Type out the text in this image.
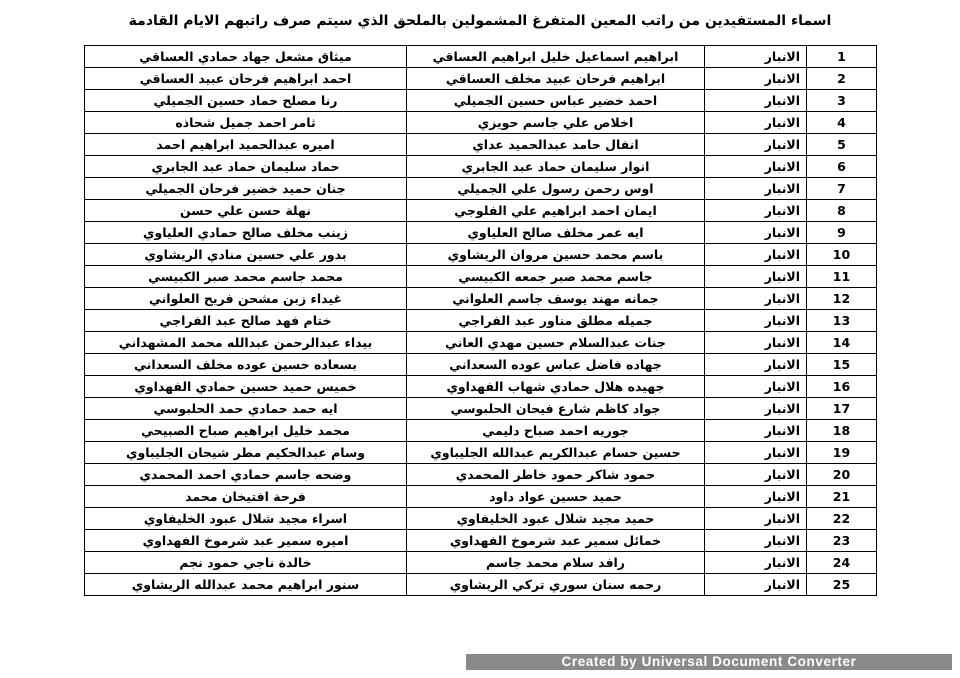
اسماء المستفيدين من راتب المعين المتفرغ المشمولين بالملحق الذي سيتم صرف راتبهم الايام القادمة
ميثاق مشعل جهاد حمادي العساقي	ابراهيم اسماعيل خليل ابراهيم العساقي	الانبار	1
احمد ابراهيم فرحان عبيد العساقي	ابراهيم فرحان عبيد مخلف العساقي	الانبار	2
رنا مصلح حماد حسين الجميلي	احمد خضير عباس حسين الجميلي	الانبار	3
ثامر احمد جميل شحاذه	اخلاص علي جاسم حويزي	الانبار	4
اميره عبدالحميد ابراهيم احمد	انفال حامد عبدالحميد عداي	الانبار	5
حماد سليمان حماد عبد الجابري	انوار سليمان حماد عبد الجابري	الانبار	6
جنان حميد خضير فرحان الجميلي	اوس رحمن رسول علي الجميلي	الانبار	7
نهلة حسن علي حسن	ايمان احمد ابراهيم علي الفلوجي	الانبار	8
زينب مخلف صالح حمادي العلياوي	ايه عمر مخلف صالح العلياوي	الانبار	9
بدور علي حسين منادي الريشاوي	باسم محمد حسين مروان الريشاوي	الانبار	10
محمد جاسم محمد صبر الكبيسي	جاسم محمد صبر جمعه الكبيسي	الانبار	11
غيداء زبن مشحن فريح العلواني	جمانه مهند يوسف جاسم العلواني	الانبار	12
ختام فهد صالح عبد الفراجي	جميله مطلق مناور عبد الفراجي	الانبار	13
بيداء عبدالرحمن عبدالله محمد المشهداني	جنات عبدالسلام حسين مهدي العاني	الانبار	14
بسعاده حسين عوده مخلف السعداني	جهاده فاضل عباس عوده السعداني	الانبار	15
خميس حميد حسين حمادي الفهداوي	جهيده هلال حمادي شهاب الفهداوي	الانبار	16
ايه حمد حمادي حمد الحلبوسي	جواد كاظم شارع فيحان الحلبوسي	الانبار	17
محمد خليل ابراهيم صباح الصبيحي	جوريه احمد صباح دليمي	الانبار	18
وسام عبدالحكيم مطر شيحان الجليباوي	حسين حسام عبدالكريم عبدالله الجليباوي	الانبار	19
وضحه جاسم حمادي احمد المحمدي	حمود شاكر حمود خاطر المحمدي	الانبار	20
فرحة افتيخان محمد	حميد حسين عواد داود	الانبار	21
اسراء مجيد شلال عبود الخليفاوي	حميد مجيد شلال عبود الخليفاوي	الانبار	22
اميره سمير عبد شرموخ الفهداوي	خمائل سمير عبد شرموخ الفهداوي	الانبار	23
خالدة ناجي حمود نجم	رافد سلام محمد جاسم	الانبار	24
سنور ابراهيم محمد عبدالله الريشاوي	رحمه سنان سوري تركي الريشاوي	الانبار	25
Created by Universal Document Converter
